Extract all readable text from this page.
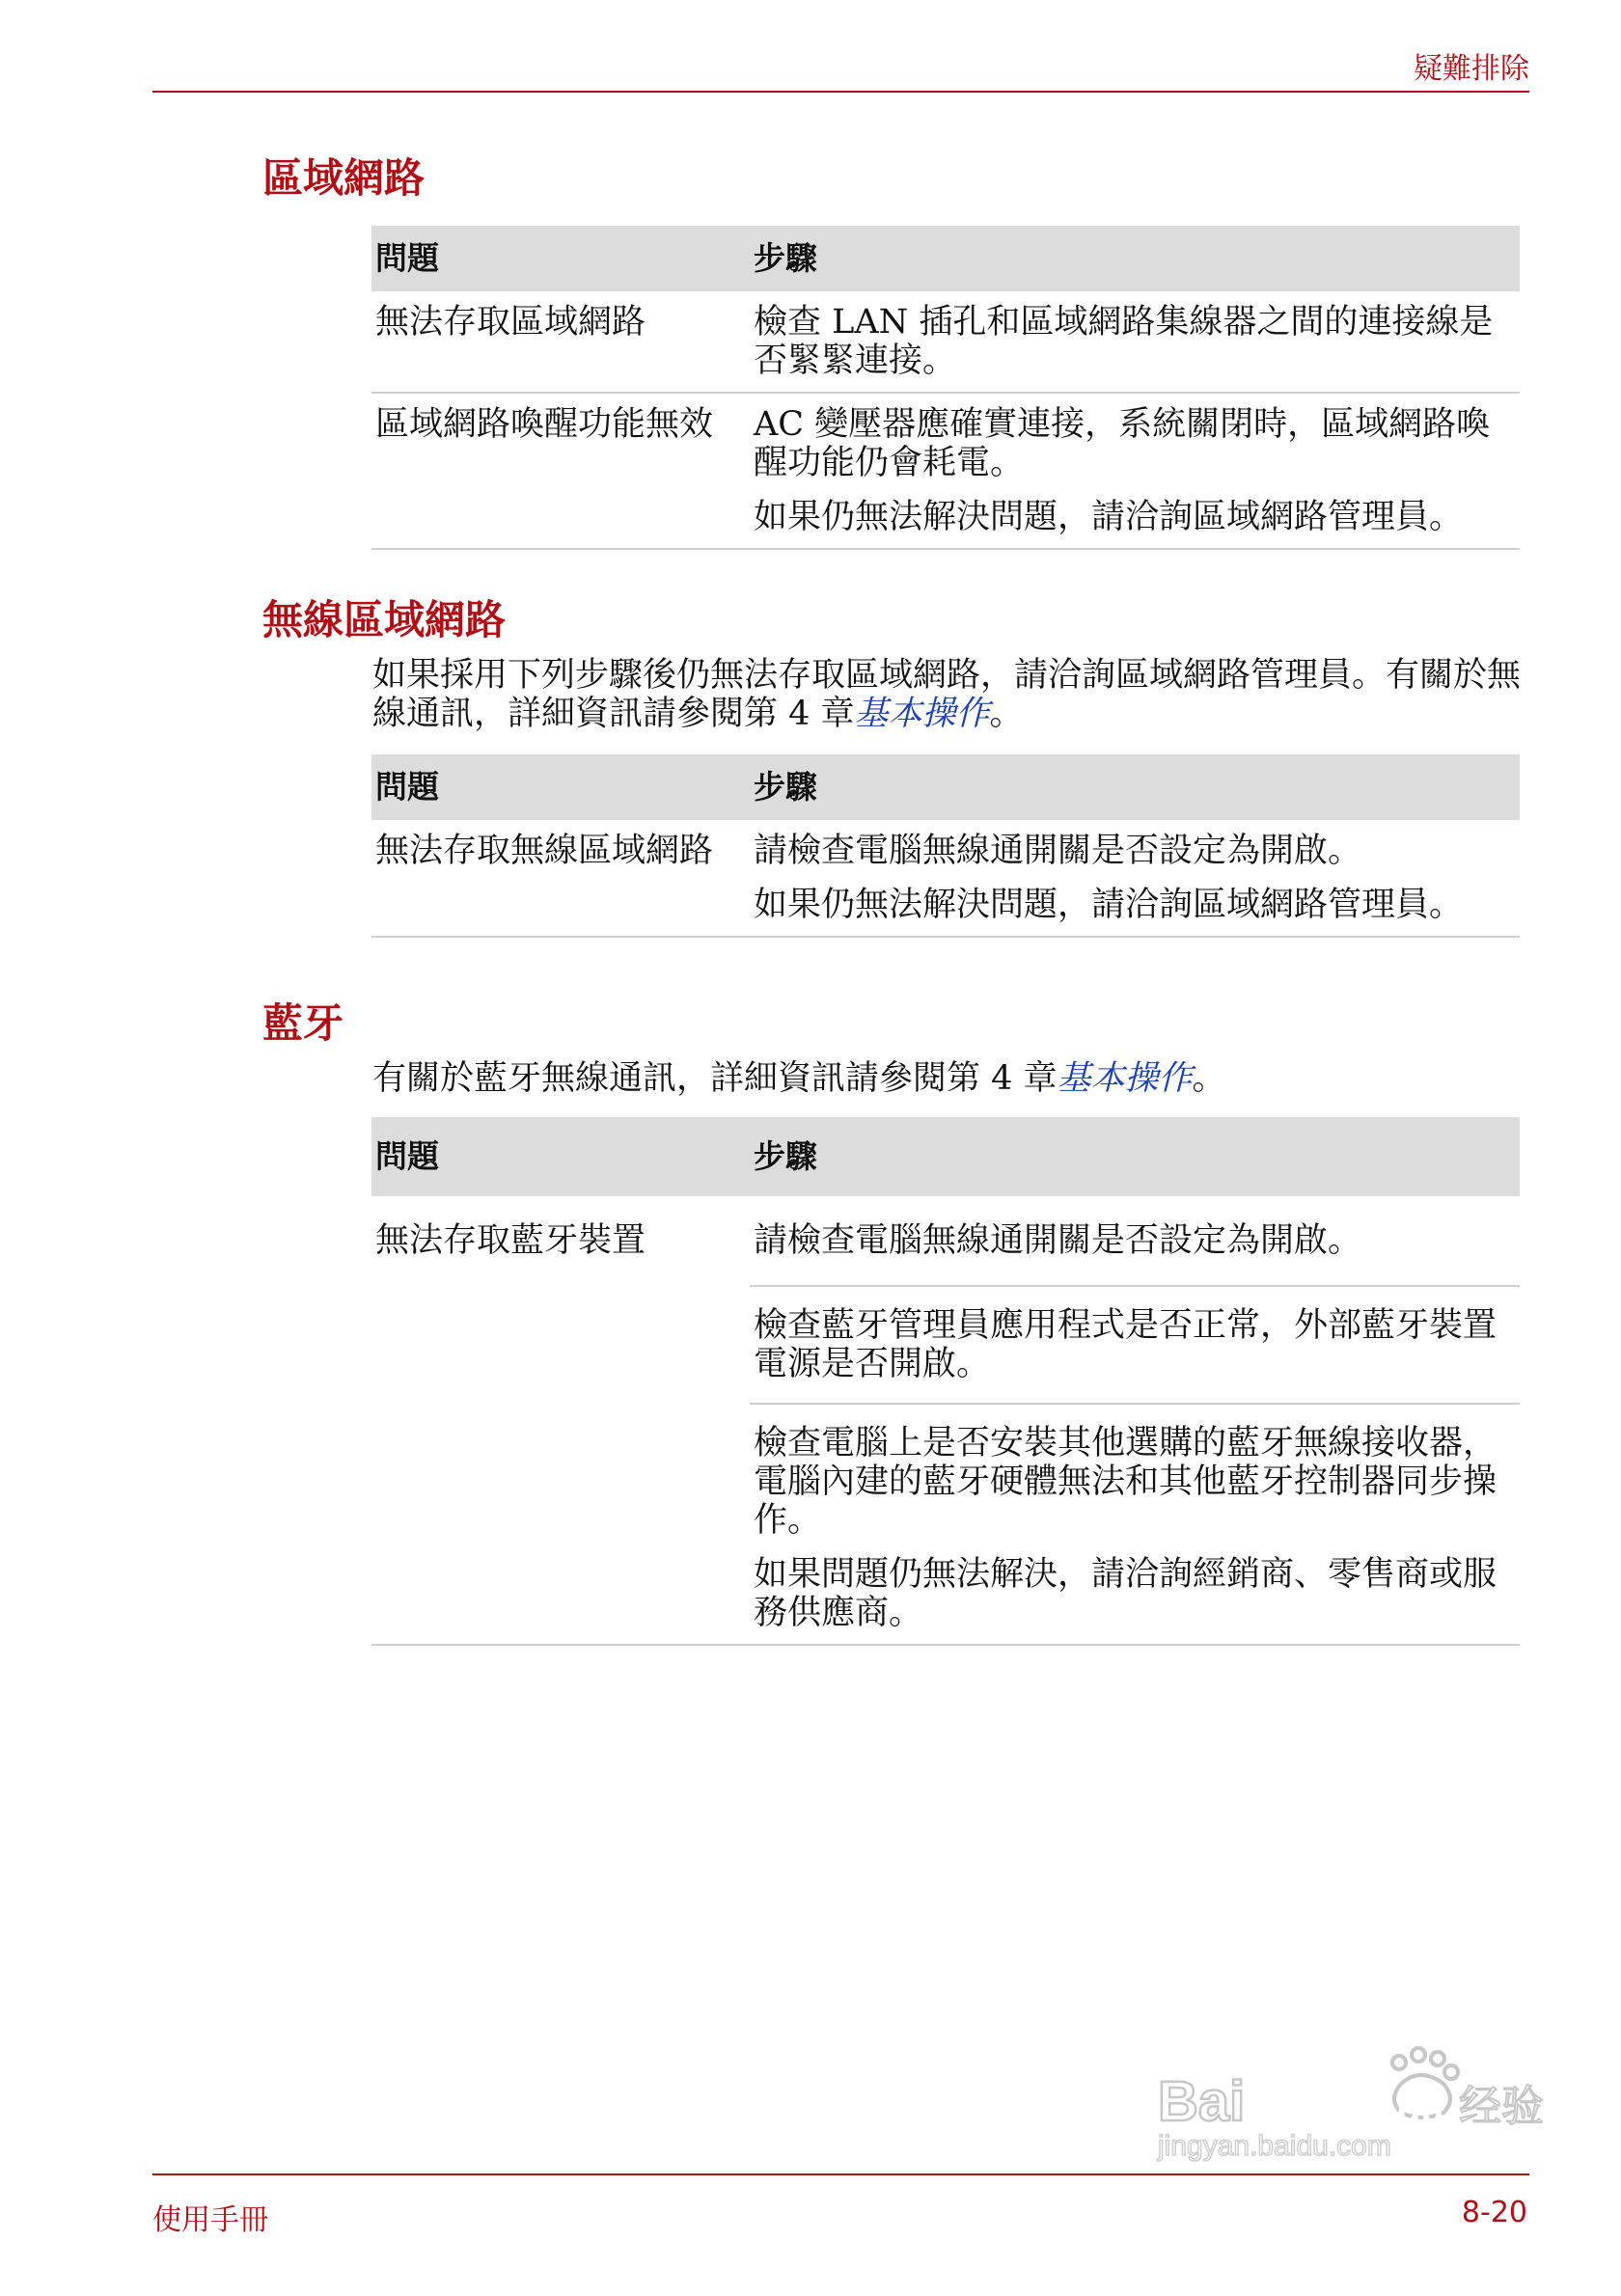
疑難排除
區域網路
問題	步驟
無法存取區域網路	檢查 LAN 插孔和區域網路集線器之間的連接線是否緊緊連接。

區域網路喚醒功能無效	AC 變壓器應確實連接，系統關閉時，區域網路喚醒功能仍會耗電。

如果仍無法解決問題，請洽詢區域網路管理員。

無線區域網路
如果採用下列步驟後仍無法存取區域網路，請洽詢區域網路管理員。有關於無線通訊，詳細資訊請參閱第 4 章基本操作。
問題	步驟
無法存取無線區域網路	請檢查電腦無線通開關是否設定為開啟。

如果仍無法解決問題，請洽詢區域網路管理員。

藍牙
有關於藍牙無線通訊，詳細資訊請參閱第 4 章基本操作。
問題	步驟
無法存取藍牙裝置	請檢查電腦無線通開關是否設定為開啟。

	檢查藍牙管理員應用程式是否正常，外部藍牙裝置電源是否開啟。

	檢查電腦上是否安裝其他選購的藍牙無線接收器，電腦內建的藍牙硬體無法和其他藍牙控制器同步操作。

如果問題仍無法解決，請洽詢經銷商、零售商或服務供應商。

Bai	du 经验
jingyan.baidu.com
使用手冊	8-20
